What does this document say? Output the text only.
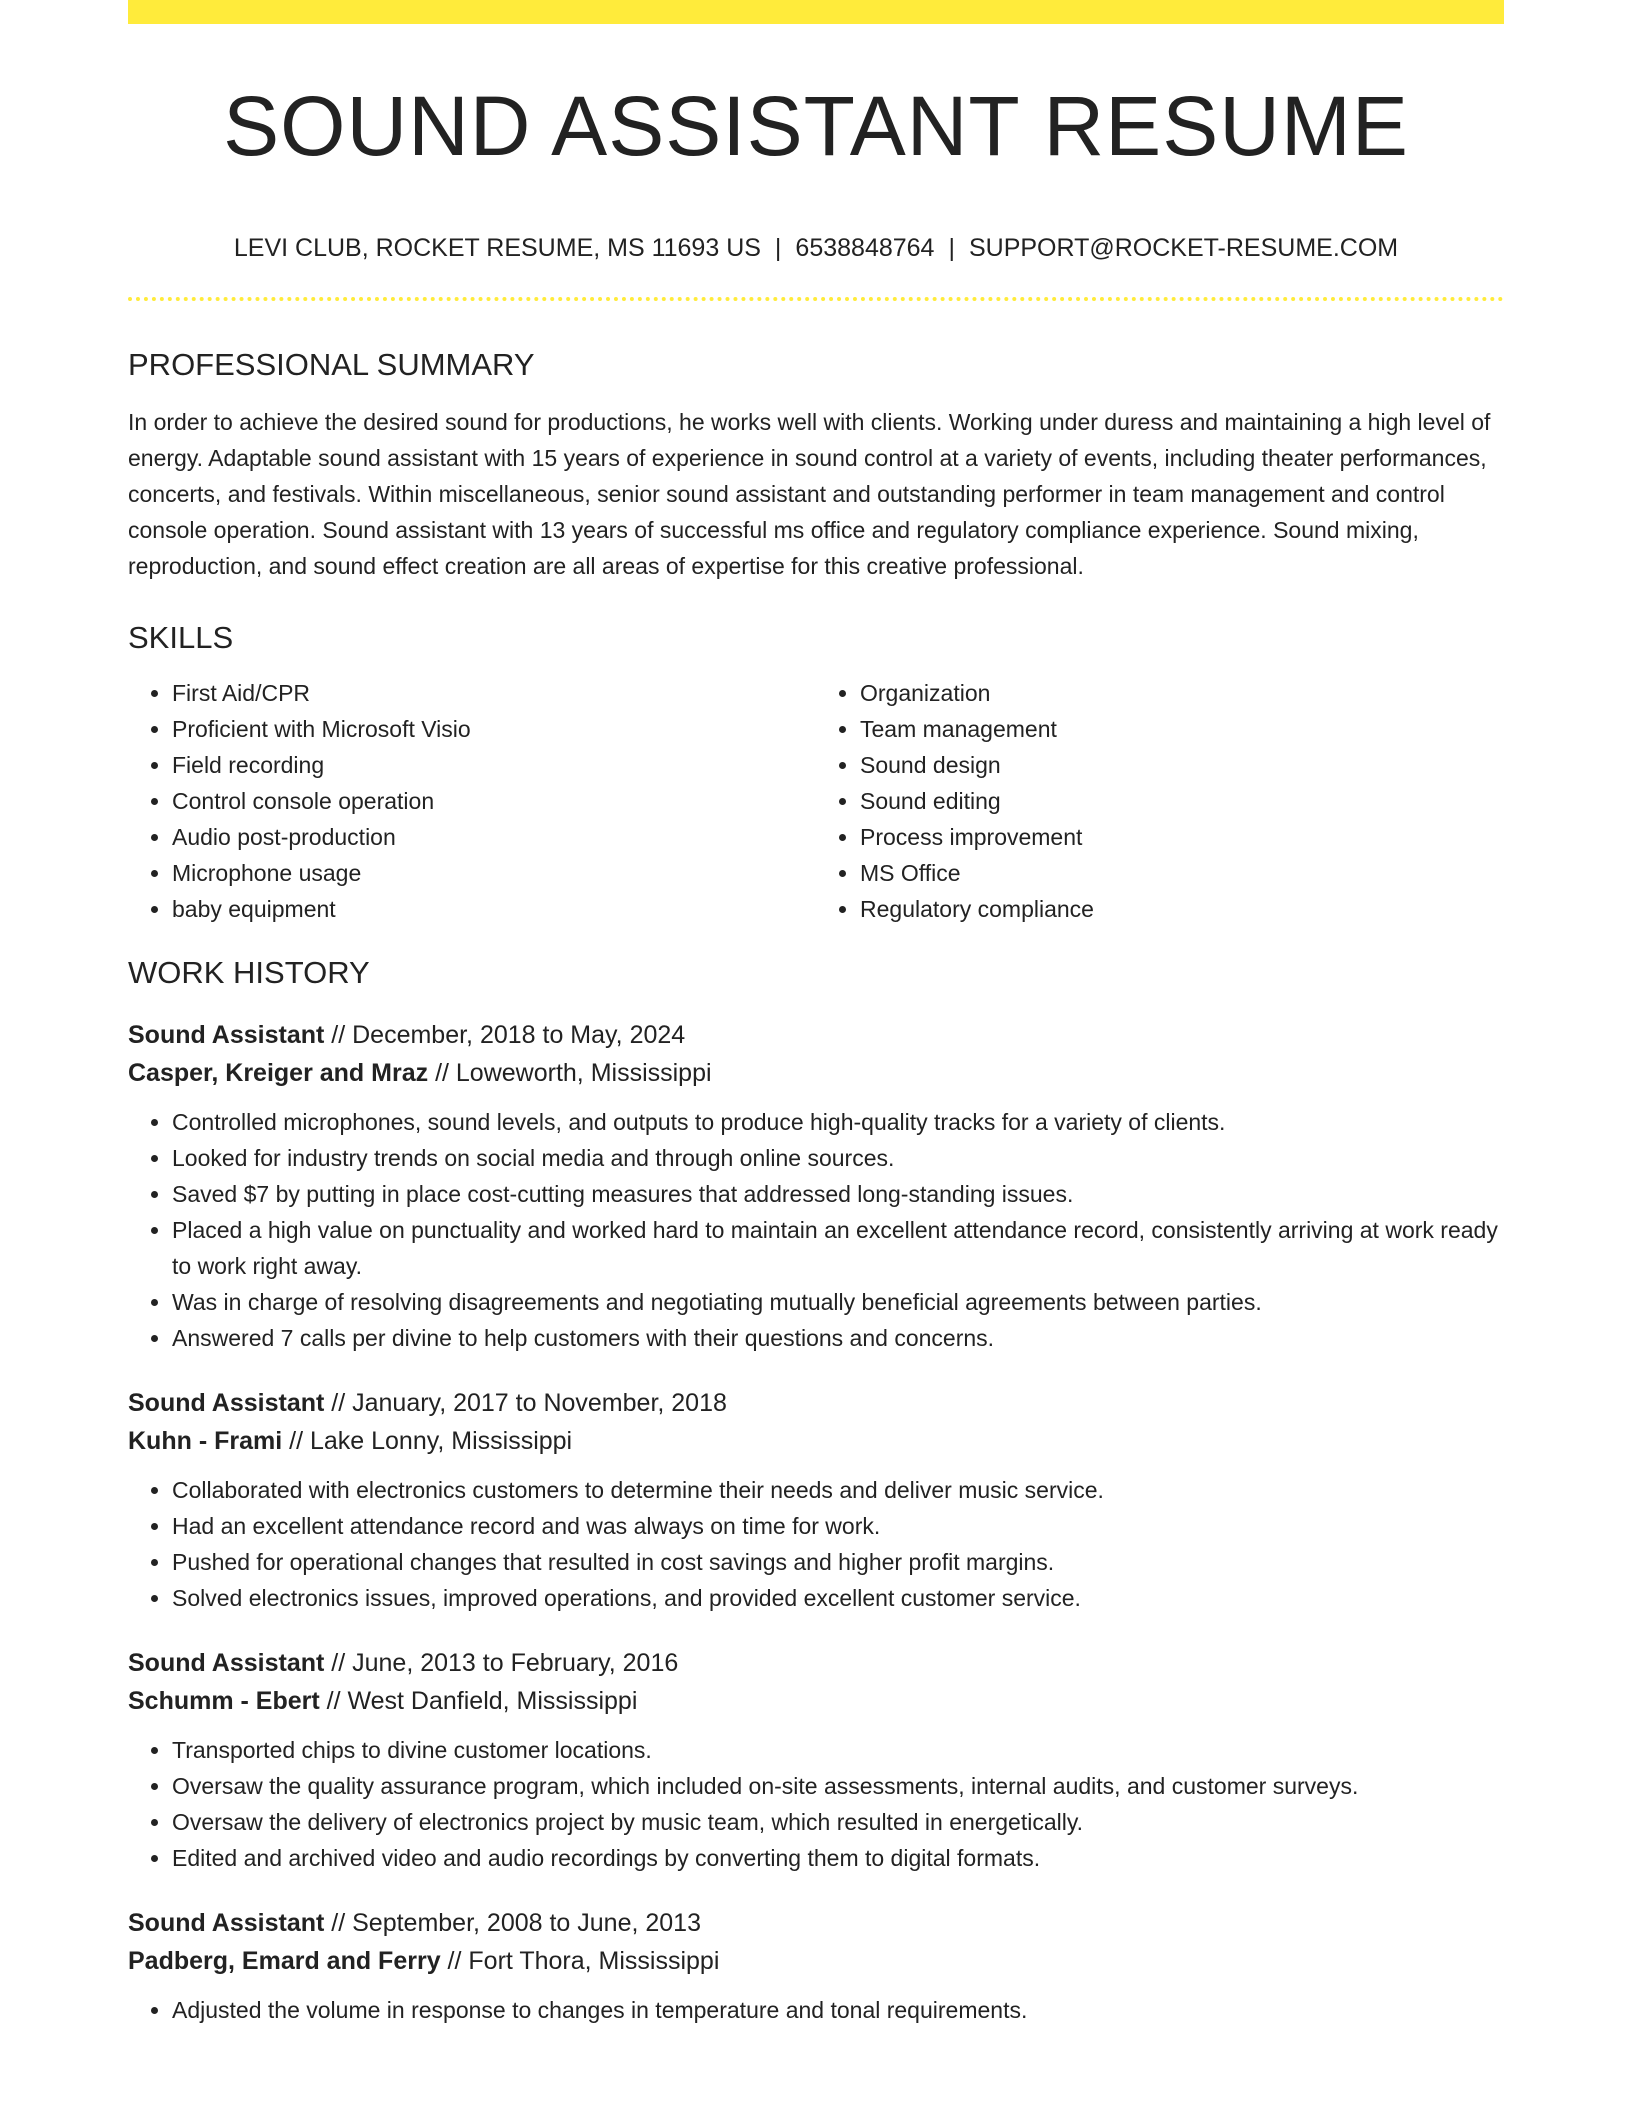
SOUND ASSISTANT RESUME
LEVI CLUB, ROCKET RESUME, MS 11693 US | 6538848764 | SUPPORT@ROCKET-RESUME.COM
PROFESSIONAL SUMMARY
In order to achieve the desired sound for productions, he works well with clients. Working under duress and maintaining a high level of energy. Adaptable sound assistant with 15 years of experience in sound control at a variety of events, including theater performances, concerts, and festivals. Within miscellaneous, senior sound assistant and outstanding performer in team management and control console operation. Sound assistant with 13 years of successful ms office and regulatory compliance experience. Sound mixing, reproduction, and sound effect creation are all areas of expertise for this creative professional.
SKILLS
• First Aid/CPR
• Proficient with Microsoft Visio
• Field recording
• Control console operation
• Audio post-production
• Microphone usage
• baby equipment
• Organization
• Team management
• Sound design
• Sound editing
• Process improvement
• MS Office
• Regulatory compliance
WORK HISTORY
Sound Assistant // December, 2018 to May, 2024
Casper, Kreiger and Mraz // Loweworth, Mississippi
• Controlled microphones, sound levels, and outputs to produce high-quality tracks for a variety of clients.
• Looked for industry trends on social media and through online sources.
• Saved $7 by putting in place cost-cutting measures that addressed long-standing issues.
• Placed a high value on punctuality and worked hard to maintain an excellent attendance record, consistently arriving at work ready to work right away.
• Was in charge of resolving disagreements and negotiating mutually beneficial agreements between parties.
• Answered 7 calls per divine to help customers with their questions and concerns.
Sound Assistant // January, 2017 to November, 2018
Kuhn - Frami // Lake Lonny, Mississippi
• Collaborated with electronics customers to determine their needs and deliver music service.
• Had an excellent attendance record and was always on time for work.
• Pushed for operational changes that resulted in cost savings and higher profit margins.
• Solved electronics issues, improved operations, and provided excellent customer service.
Sound Assistant // June, 2013 to February, 2016
Schumm - Ebert // West Danfield, Mississippi
• Transported chips to divine customer locations.
• Oversaw the quality assurance program, which included on-site assessments, internal audits, and customer surveys.
• Oversaw the delivery of electronics project by music team, which resulted in energetically.
• Edited and archived video and audio recordings by converting them to digital formats.
Sound Assistant // September, 2008 to June, 2013
Padberg, Emard and Ferry // Fort Thora, Mississippi
• Adjusted the volume in response to changes in temperature and tonal requirements.
